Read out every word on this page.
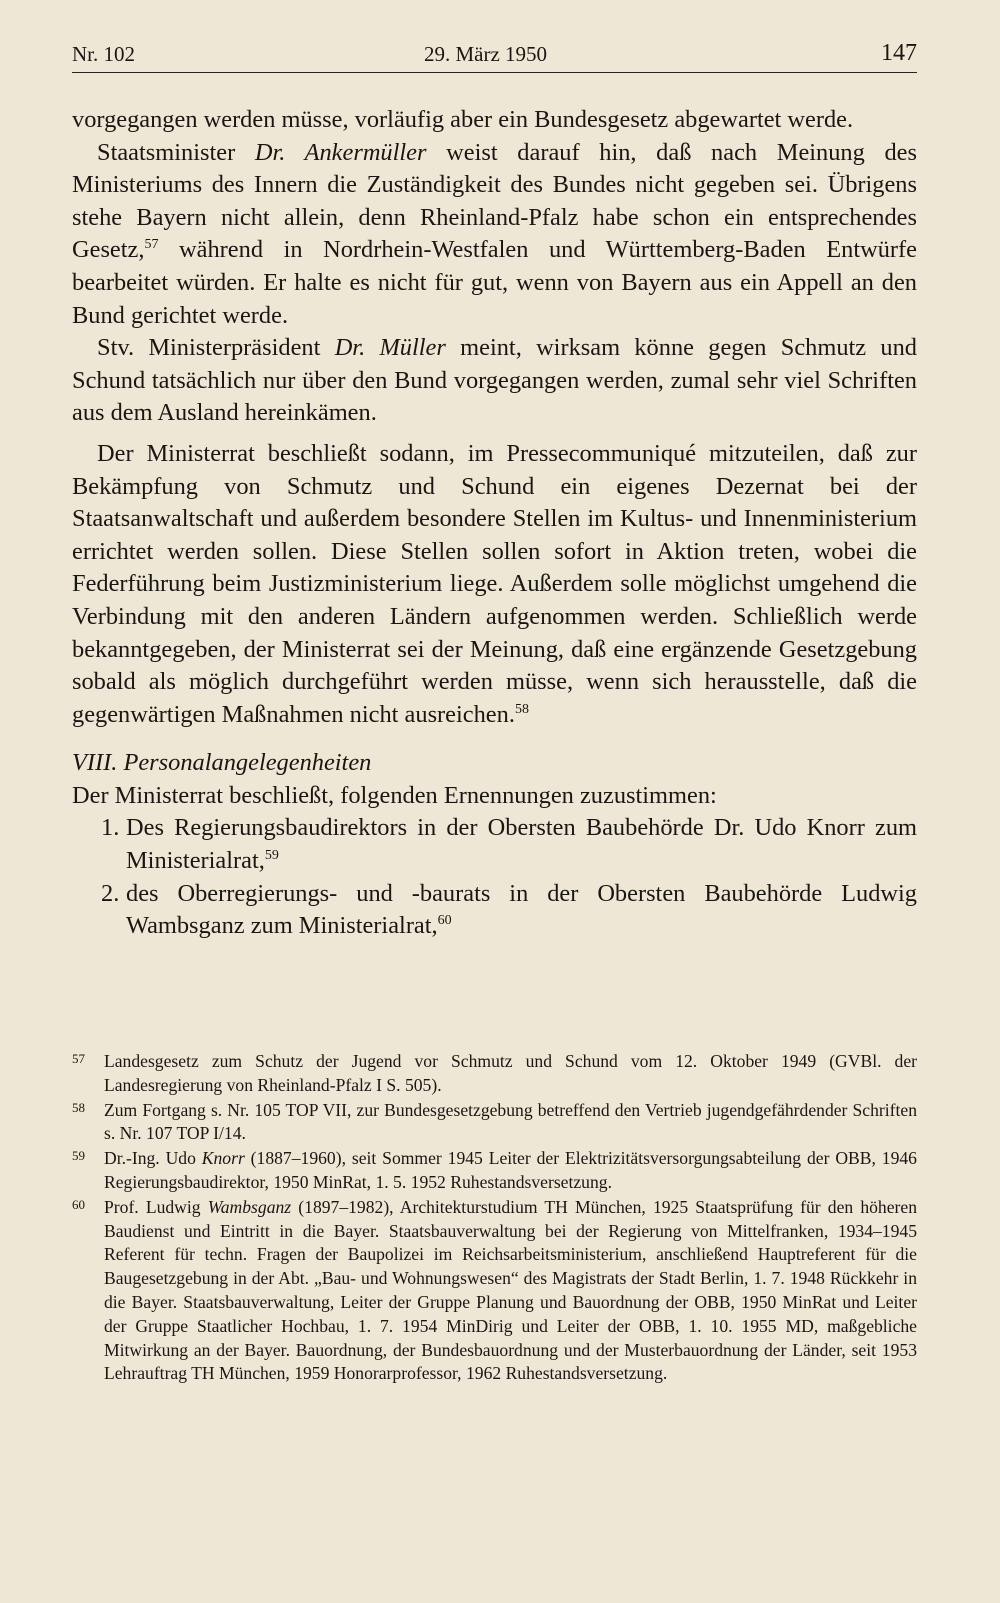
Nr. 102	29. März 1950	147

vorgegangen werden müsse, vorläufig aber ein Bundesgesetz abgewartet werde.

Staatsminister Dr. Ankermüller weist darauf hin, daß nach Meinung des Ministeriums des Innern die Zuständigkeit des Bundes nicht gegeben sei. Übrigens stehe Bayern nicht allein, denn Rheinland-Pfalz habe schon ein entsprechendes Gesetz,$^{57}$ während in Nordrhein-Westfalen und Württemberg-Baden Entwürfe bearbeitet würden. Er halte es nicht für gut, wenn von Bayern aus ein Appell an den Bund gerichtet werde.

Stv. Ministerpräsident Dr. Müller meint, wirksam könne gegen Schmutz und Schund tatsächlich nur über den Bund vorgegangen werden, zumal sehr viel Schriften aus dem Ausland hereinkämen.

Der Ministerrat beschließt sodann, im Pressecommuniqué mitzuteilen, daß zur Bekämpfung von Schmutz und Schund ein eigenes Dezernat bei der Staatsanwaltschaft und außerdem besondere Stellen im Kultus- und Innenministerium errichtet werden sollen. Diese Stellen sollen sofort in Aktion treten, wobei die Federführung beim Justizministerium liege. Außerdem solle möglichst umgehend die Verbindung mit den anderen Ländern aufgenommen werden. Schließlich werde bekanntgegeben, der Ministerrat sei der Meinung, daß eine ergänzende Gesetzgebung sobald als möglich durchgeführt werden müsse, wenn sich herausstelle, daß die gegenwärtigen Maßnahmen nicht ausreichen.$^{58}$

VIII. Personalangelegenheiten

Der Ministerrat beschließt, folgenden Ernennungen zuzustimmen:

1. Des Regierungsbaudirektors in der Obersten Baubehörde Dr. Udo Knorr zum Ministerialrat,$^{59}$
2. des Oberregierungs- und -baurats in der Obersten Baubehörde Ludwig Wambsganz zum Ministerialrat,$^{60}$
57 Landesgesetz zum Schutz der Jugend vor Schmutz und Schund vom 12. Oktober 1949 (GVBl. der Landesregierung von Rheinland-Pfalz I S. 505).
58 Zum Fortgang s. Nr. 105 TOP VII, zur Bundesgesetzgebung betreffend den Vertrieb jugendgefährdender Schriften s. Nr. 107 TOP I/14.
59 Dr.-Ing. Udo Knorr (1887–1960), seit Sommer 1945 Leiter der Elektrizitätsversorgungsabteilung der OBB, 1946 Regierungsbaudirektor, 1950 MinRat, 1. 5. 1952 Ruhestandsversetzung.
60 Prof. Ludwig Wambsganz (1897–1982), Architekturstudium TH München, 1925 Staatsprüfung für den höheren Baudienst und Eintritt in die Bayer. Staatsbauverwaltung bei der Regierung von Mittelfranken, 1934–1945 Referent für techn. Fragen der Baupolizei im Reichsarbeitsministerium, anschließend Hauptreferent für die Baugesetzgebung in der Abt. „Bau- und Wohnungswesen“ des Magistrats der Stadt Berlin, 1. 7. 1948 Rückkehr in die Bayer. Staatsbauverwaltung, Leiter der Gruppe Planung und Bauordnung der OBB, 1950 MinRat und Leiter der Gruppe Staatlicher Hochbau, 1. 7. 1954 MinDirig und Leiter der OBB, 1. 10. 1955 MD, maßgebliche Mitwirkung an der Bayer. Bauordnung, der Bundesbauordnung und der Musterbauordnung der Länder, seit 1953 Lehrauftrag TH München, 1959 Honorarprofessor, 1962 Ruhestandsversetzung.
